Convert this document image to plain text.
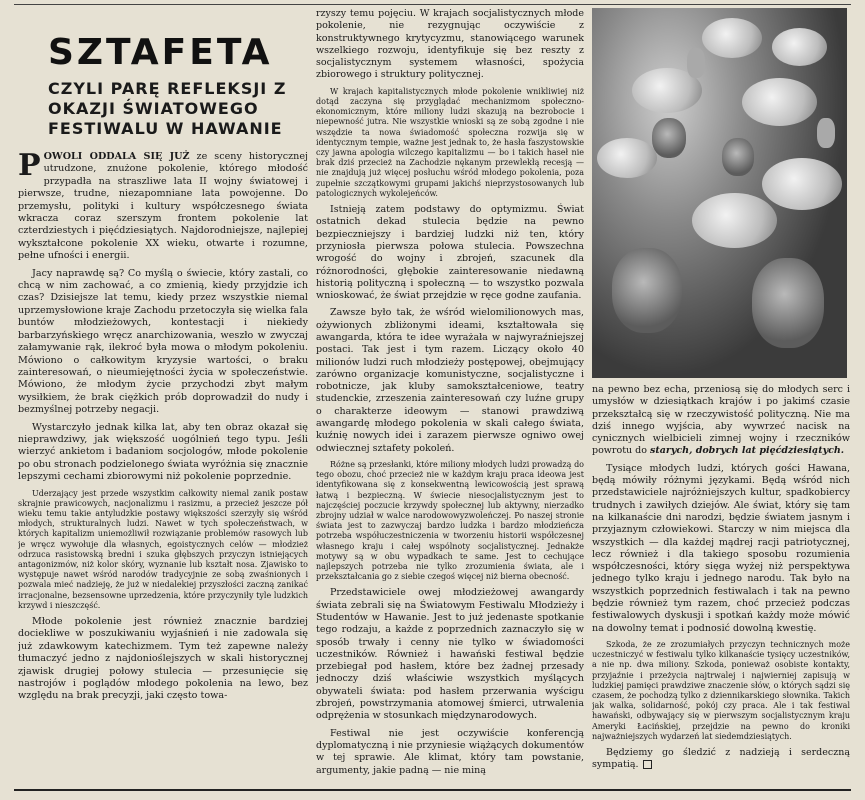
SZTAFETA
CZYLI PARĘ REFLEKSJI Z OKAZJI ŚWIATOWEGO FESTIWALU W HAWANIE

POWOLI ODDALA SIĘ JUŻ ze sceny historycznej utrudzone, znużone pokolenie, którego młodość przypadła na straszliwe lata II wojny światowej i pierwsze, trudne, niezapomniane lata powojenne. Do przemysłu, polityki i kultury współczesnego świata wkracza coraz szerszym frontem pokolenie lat czterdziestych i pięćdziesiątych. Najdorodniejsze, najlepiej wykształcone pokolenie XX wieku, otwarte i rozumne, pełne ufności i energii.

Jacy naprawdę są? Co myślą o świecie, który zastali, co chcą w nim zachować, a co zmienią, kiedy przyjdzie ich czas? Dzisiejsze lat temu, kiedy przez wszystkie niemal uprzemysłowione kraje Zachodu przetoczyła się wielka fala buntów młodzieżowych, kontestacji i niekiedy barbarzyńskiego wręcz anarchizowania, weszło w zwyczaj załamywanie rąk, ilekroć była mowa o młodym pokoleniu. Mówiono o całkowitym kryzysie wartości, o braku zainteresowań, o nieumiejętności życia w społeczeństwie. Mówiono, że młodym życie przychodzi zbyt małym wysiłkiem, że brak ciężkich prób doprowadził do nudy i bezmyślnej potrzeby negacji.

Wystarczyło jednak kilka lat, aby ten obraz okazał się nieprawdziwy, jak większość uogólnień tego typu. Jeśli wierzyć ankietom i badaniom socjologów, młode pokolenie po obu stronach podzielonego świata wyróżnia się znacznie lepszymi cechami zbiorowymi niż pokolenie poprzednie.

Uderzający jest przede wszystkim całkowity niemal zanik postaw skrajnie prawicowych, nacjonalizmu i rasizmu, a przecież jeszcze pół wieku temu takie antyludzkie postawy większości szerzyły się wśród młodych, strukturalnych ludzi. Nawet w tych społeczeństwach, w których kapitalizm uniemożliwił rozwiązanie problemów rasowych lub je wręcz wywołuje dla własnych, egoistycznych celów — młodzież odrzuca rasistowską bredni i szuka głębszych przyczyn istniejących antagonizmów, niż kolor skóry, wyznanie lub kształt nosa. Zjawisko to występuje nawet wśród narodów tradycyjnie ze sobą zwaśnionych i pozwala mieć nadzieję, że już w niedalekiej przyszłości zaczną zanikać irracjonalne, bezsensowne uprzedzenia, które przyczyniły tyle ludzkich krzywd i nieszczęść.

Młode pokolenie jest również znacznie bardziej dociekliwe w poszukiwaniu wyjaśnień i nie zadowala się już zdawkowym katechizmem. Tym też zapewne należy tłumaczyć jedno z najdonioślejszych w skali historycznej zjawisk drugiej połowy stulecia — przesunięcie się nastrojów i poglądów młodego pokolenia na lewo, bez względu na brak precyzji, jaki często towa-

rzyszy temu pojęciu. W krajach socjalistycznych młode pokolenie, nie rezygnując oczywiście z konstruktywnego krytycyzmu, stanowiącego warunek wszelkiego rozwoju, identyfikuje się bez reszty z socjalistycznym systemem własności, spożycia zbiorowego i struktury politycznej.

W krajach kapitalistycznych młode pokolenie wnikliwiej niż dotąd zaczyna się przyglądać mechanizmom społeczno-ekonomicznym, które miliony ludzi skazują na bezrobocie i niepewność jutra. Nie wszystkie wnioski są ze sobą zgodne i nie wszędzie ta nowa świadomość społeczna rozwija się w identycznym tempie, ważne jest jednak to, że hasła faszystowskie czy jawna apologia wilczego kapitalizmu — bo i takich haseł nie brak dziś przecież na Zachodzie nękanym przewlekłą recesją — nie znajdują już więcej posłuchu wśród młodego pokolenia, poza zupełnie szczątkowymi grupami jakichś nieprzystosowanych lub patologicznych wykolejeńców.

Istnieją zatem podstawy do optymizmu. Świat ostatnich dekad stulecia będzie na pewno bezpieczniejszy i bardziej ludzki niż ten, który przyniosła pierwsza połowa stulecia. Powszechna wrogość do wojny i zbrojeń, szacunek dla różnorodności, głębokie zainteresowanie niedawną historią polityczną i społeczną — to wszystko pozwala wnioskować, że świat przejdzie w ręce godne zaufania.

Zawsze było tak, że wśród wielomilionowych mas, ożywionych zbliżonymi ideami, kształtowała się awangarda, która te idee wyrażała w najwyraźniejszej postaci. Tak jest i tym razem. Liczący około 40 milionów ludzi ruch młodzieży postępowej, obejmujący zarówno organizacje komunistyczne, socjalistyczne i robotnicze, jak kluby samokształceniowe, teatry studenckie, zrzeszenia zainteresowań czy luźne grupy o charakterze ideowym — stanowi prawdziwą awangardę młodego pokolenia w skali całego świata, kuźnię nowych idei i zarazem pierwsze ogniwo owej odwiecznej sztafety pokoleń.

Różne są przesłanki, które miliony młodych ludzi prowadzą do tego obozu, choć przecież nie w każdym kraju praca ideowa jest identyfikowana się z konsekwentną lewicowością jest sprawą łatwą i bezpieczną. W świecie niesocjalistycznym jest to najczęściej poczucie krzywdy społecznej lub aktywny, nierzadko zbrojny udział w walce narodowowyzwoleńczej. Po naszej stronie świata jest to zazwyczaj bardzo ludzka i bardzo młodzieńcza potrzeba współuczestniczenia w tworzeniu historii współczesnej własnego kraju i całej wspólnoty socjalistycznej. Jednakże motywy są w obu wypadkach te same. Jest to cechujące najlepszych potrzeba nie tylko zrozumienia świata, ale i przekształcania go z siebie czegoś więcej niż bierna obecność.

Przedstawiciele owej młodzieżowej awangardy świata zebrali się na Światowym Festiwalu Młodzieży i Studentów w Hawanie. Jest to już jedenaste spotkanie tego rodzaju, a każde z poprzednich zaznaczyło się w sposób trwały i cenny nie tylko w świadomości uczestników. Również i hawański festiwal będzie przebiegał pod hasłem, które bez żadnej przesady jednoczy dziś właściwie wszystkich myślących obywateli świata: pod hasłem przerwania wyścigu zbrojeń, powstrzymania atomowej śmierci, utrwalenia odprężenia w stosunkach międzynarodowych.

Festiwal nie jest oczywiście konferencją dyplomatyczną i nie przyniesie wiążących dokumentów w tej sprawie. Ale klimat, który tam powstanie, argumenty, jakie padną — nie miną

na pewno bez echa, przeniosą się do młodych serc i umysłów w dziesiątkach krajów i po jakimś czasie przekształcą się w rzeczywistość polityczną. Nie ma dziś innego wyjścia, aby wywrzeć nacisk na cynicznych wielbicieli zimnej wojny i rzeczników powrotu do starych, dobrych lat pięćdziesiątych.

Tysiące młodych ludzi, których gości Hawana, będą mówiły różnymi językami. Będą wśród nich przedstawiciele najróżniejszych kultur, spadkobiercy trudnych i zawiłych dziejów. Ale świat, który się tam na kilkanaście dni narodzi, będzie światem jasnym i przyjaznym człowiekowi. Starczy w nim miejsca dla wszystkich — dla każdej mądrej racji patriotycznej, lecz również i dla takiego sposobu rozumienia współczesności, który sięga wyżej niż perspektywa jednego tylko kraju i jednego narodu. Tak było na wszystkich poprzednich festiwalach i tak na pewno będzie również tym razem, choć przecież podczas festiwalowych dyskusji i spotkań każdy może mówić na dowolny temat i podnosić dowolną kwestię.

Szkoda, że ze zrozumiałych przyczyn technicznych może uczestniczyć w festiwalu tylko kilkanaście tysięcy uczestników, a nie np. dwa miliony. Szkoda, ponieważ osobiste kontakty, przyjaźnie i przeżycia najtrwalej i najwierniej zapisują w ludzkiej pamięci prawdziwe znaczenie słów, o których sądzi się czasem, że pochodzą tylko z dziennikarskiego słownika. Takich jak walka, solidarność, pokój czy praca. Ale i tak festiwal hawański, odbywający się w pierwszym socjalistycznym kraju Ameryki Łacińskiej, przejdzie na pewno do kroniki najważniejszych wydarzeń lat siedemdziesiątych.

Będziemy go śledzić z nadzieją i serdeczną sympatią.
